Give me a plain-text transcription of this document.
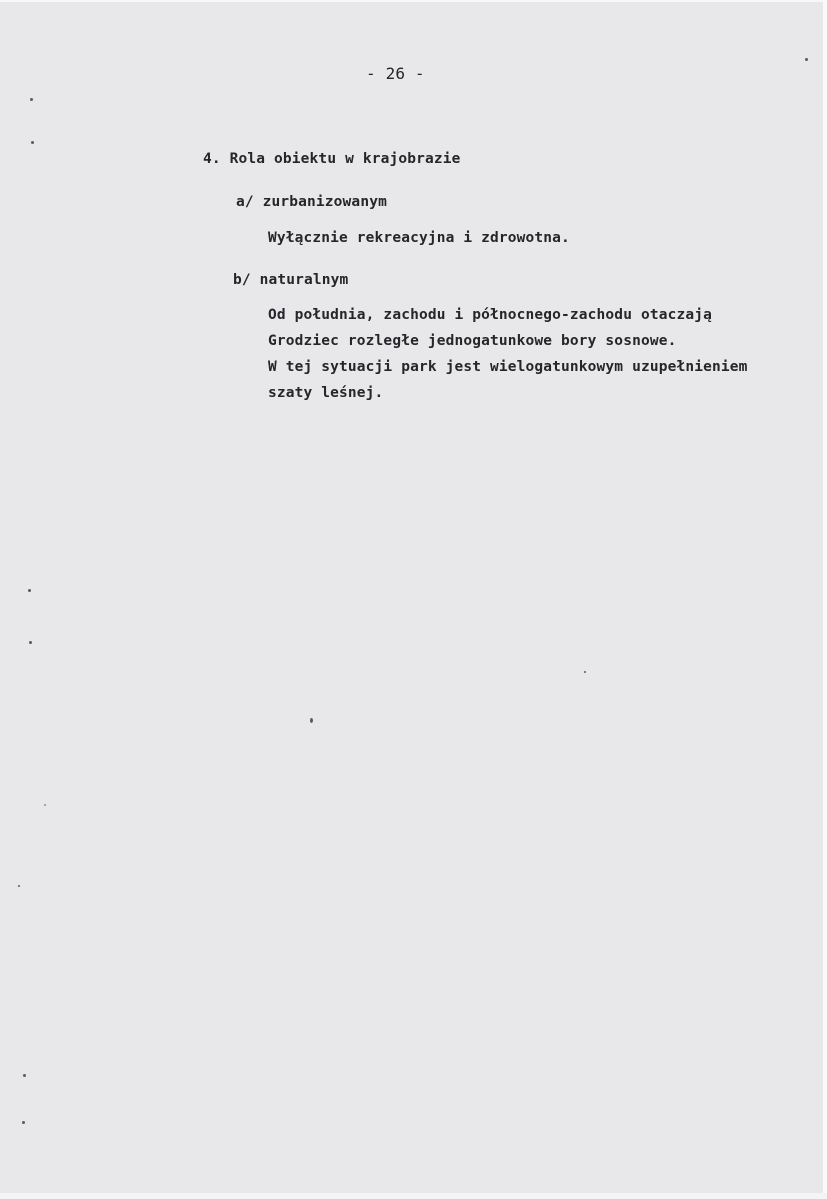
- 26 -
4. Rola obiektu w krajobrazie
a/ zurbanizowanym
Wyłącznie rekreacyjna i zdrowotna.
b/ naturalnym
Od południa, zachodu i północnego-zachodu otaczają
Grodziec rozległe jednogatunkowe bory sosnowe.
W tej sytuacji park jest wielogatunkowym uzupełnieniem
szaty leśnej.
